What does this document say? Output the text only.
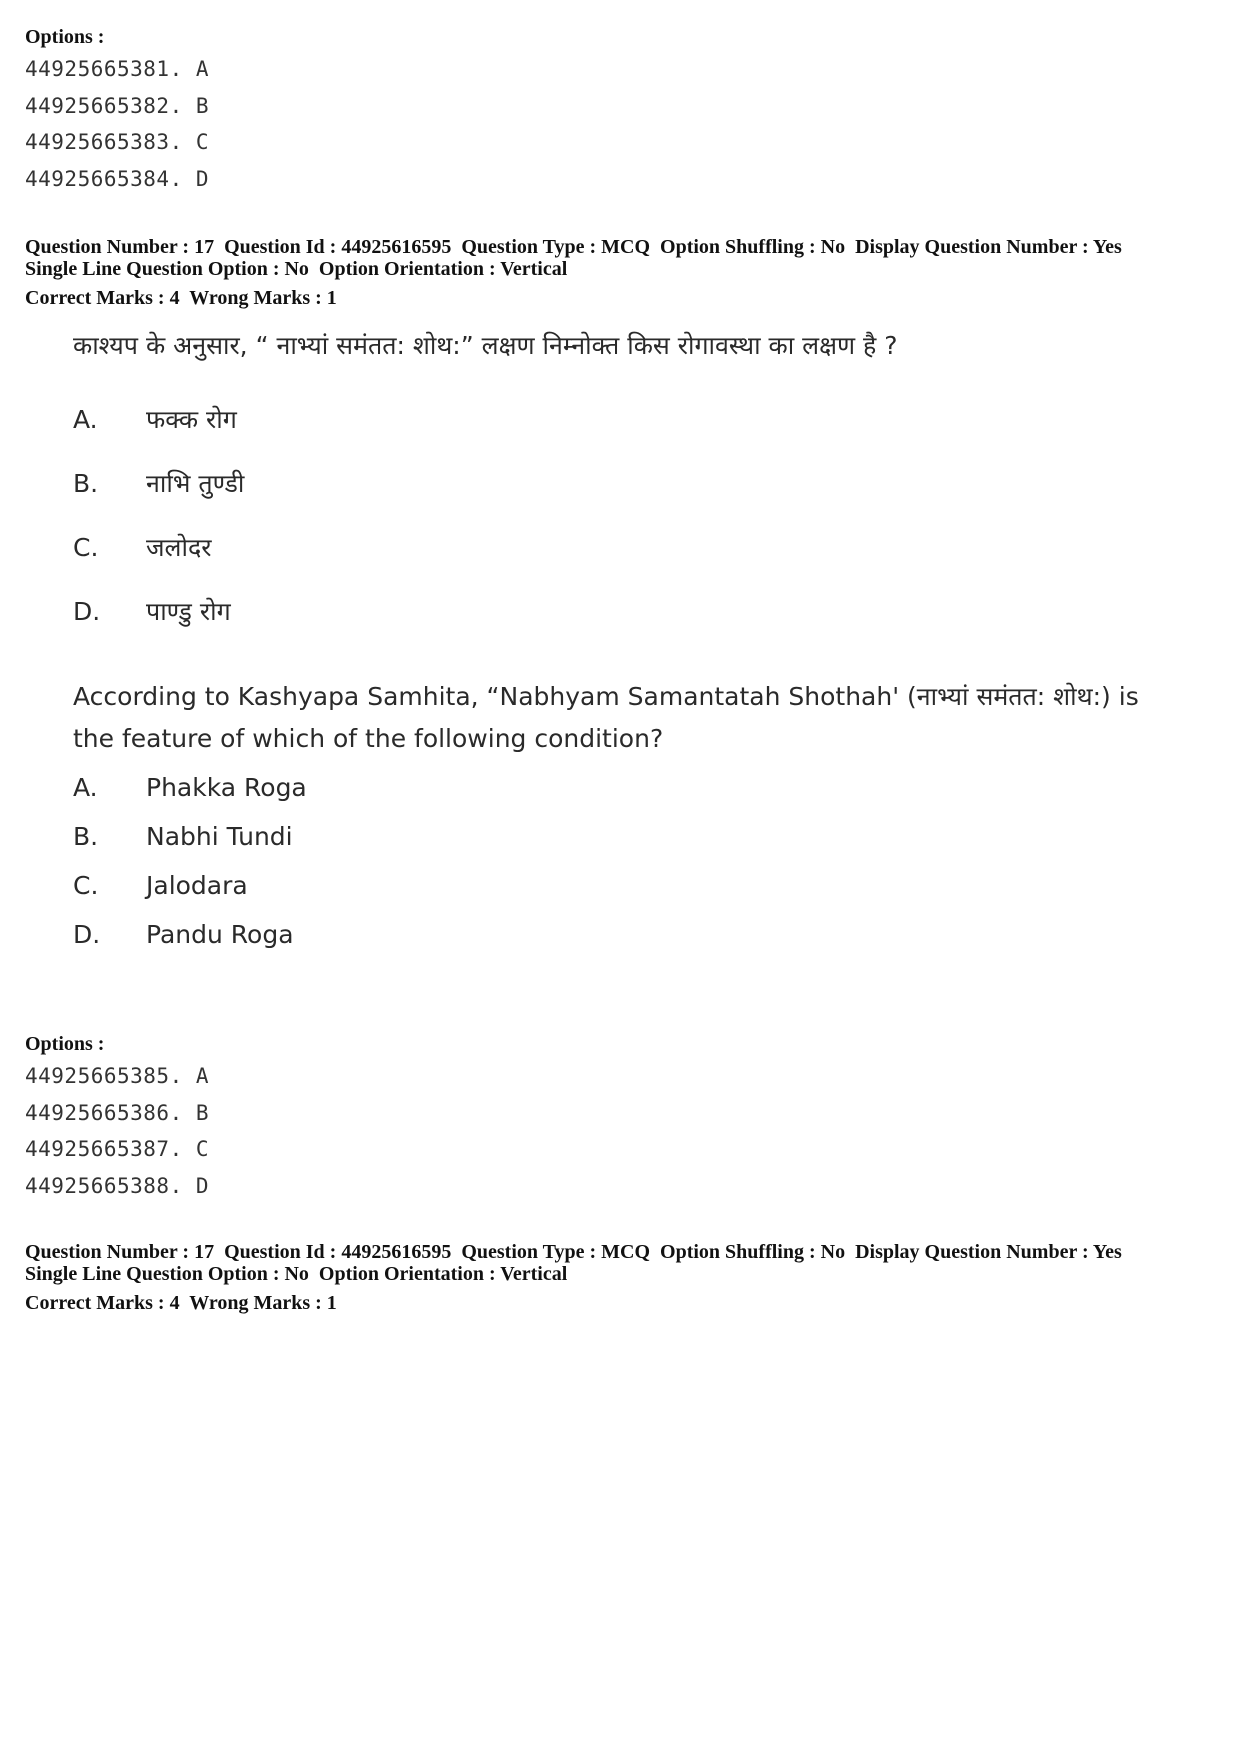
Options :
44925665381. A
44925665382. B
44925665383. C
44925665384. D
Question Number : 17  Question Id : 44925616595  Question Type : MCQ  Option Shuffling : No  Display Question Number : Yes
Single Line Question Option : No  Option Orientation : Vertical
Correct Marks : 4  Wrong Marks : 1
काश्यप के अनुसार, “ नाभ्यां समंतत: शोथ:” लक्षण निम्नोक्त किस रोगावस्था का लक्षण है ?
A.	फक्क रोग
B.	नाभि तुण्डी
C.	जलोदर
D.	पाण्डु रोग
According to Kashyapa Samhita, “Nabhyam Samantatah Shothah' (नाभ्यां समंतत: शोथ:) is
the feature of which of the following condition?
A.	Phakka Roga
B.	Nabhi Tundi
C.	Jalodara
D.	Pandu Roga
Options :
44925665385. A
44925665386. B
44925665387. C
44925665388. D
Question Number : 17  Question Id : 44925616595  Question Type : MCQ  Option Shuffling : No  Display Question Number : Yes
Single Line Question Option : No  Option Orientation : Vertical
Correct Marks : 4  Wrong Marks : 1
